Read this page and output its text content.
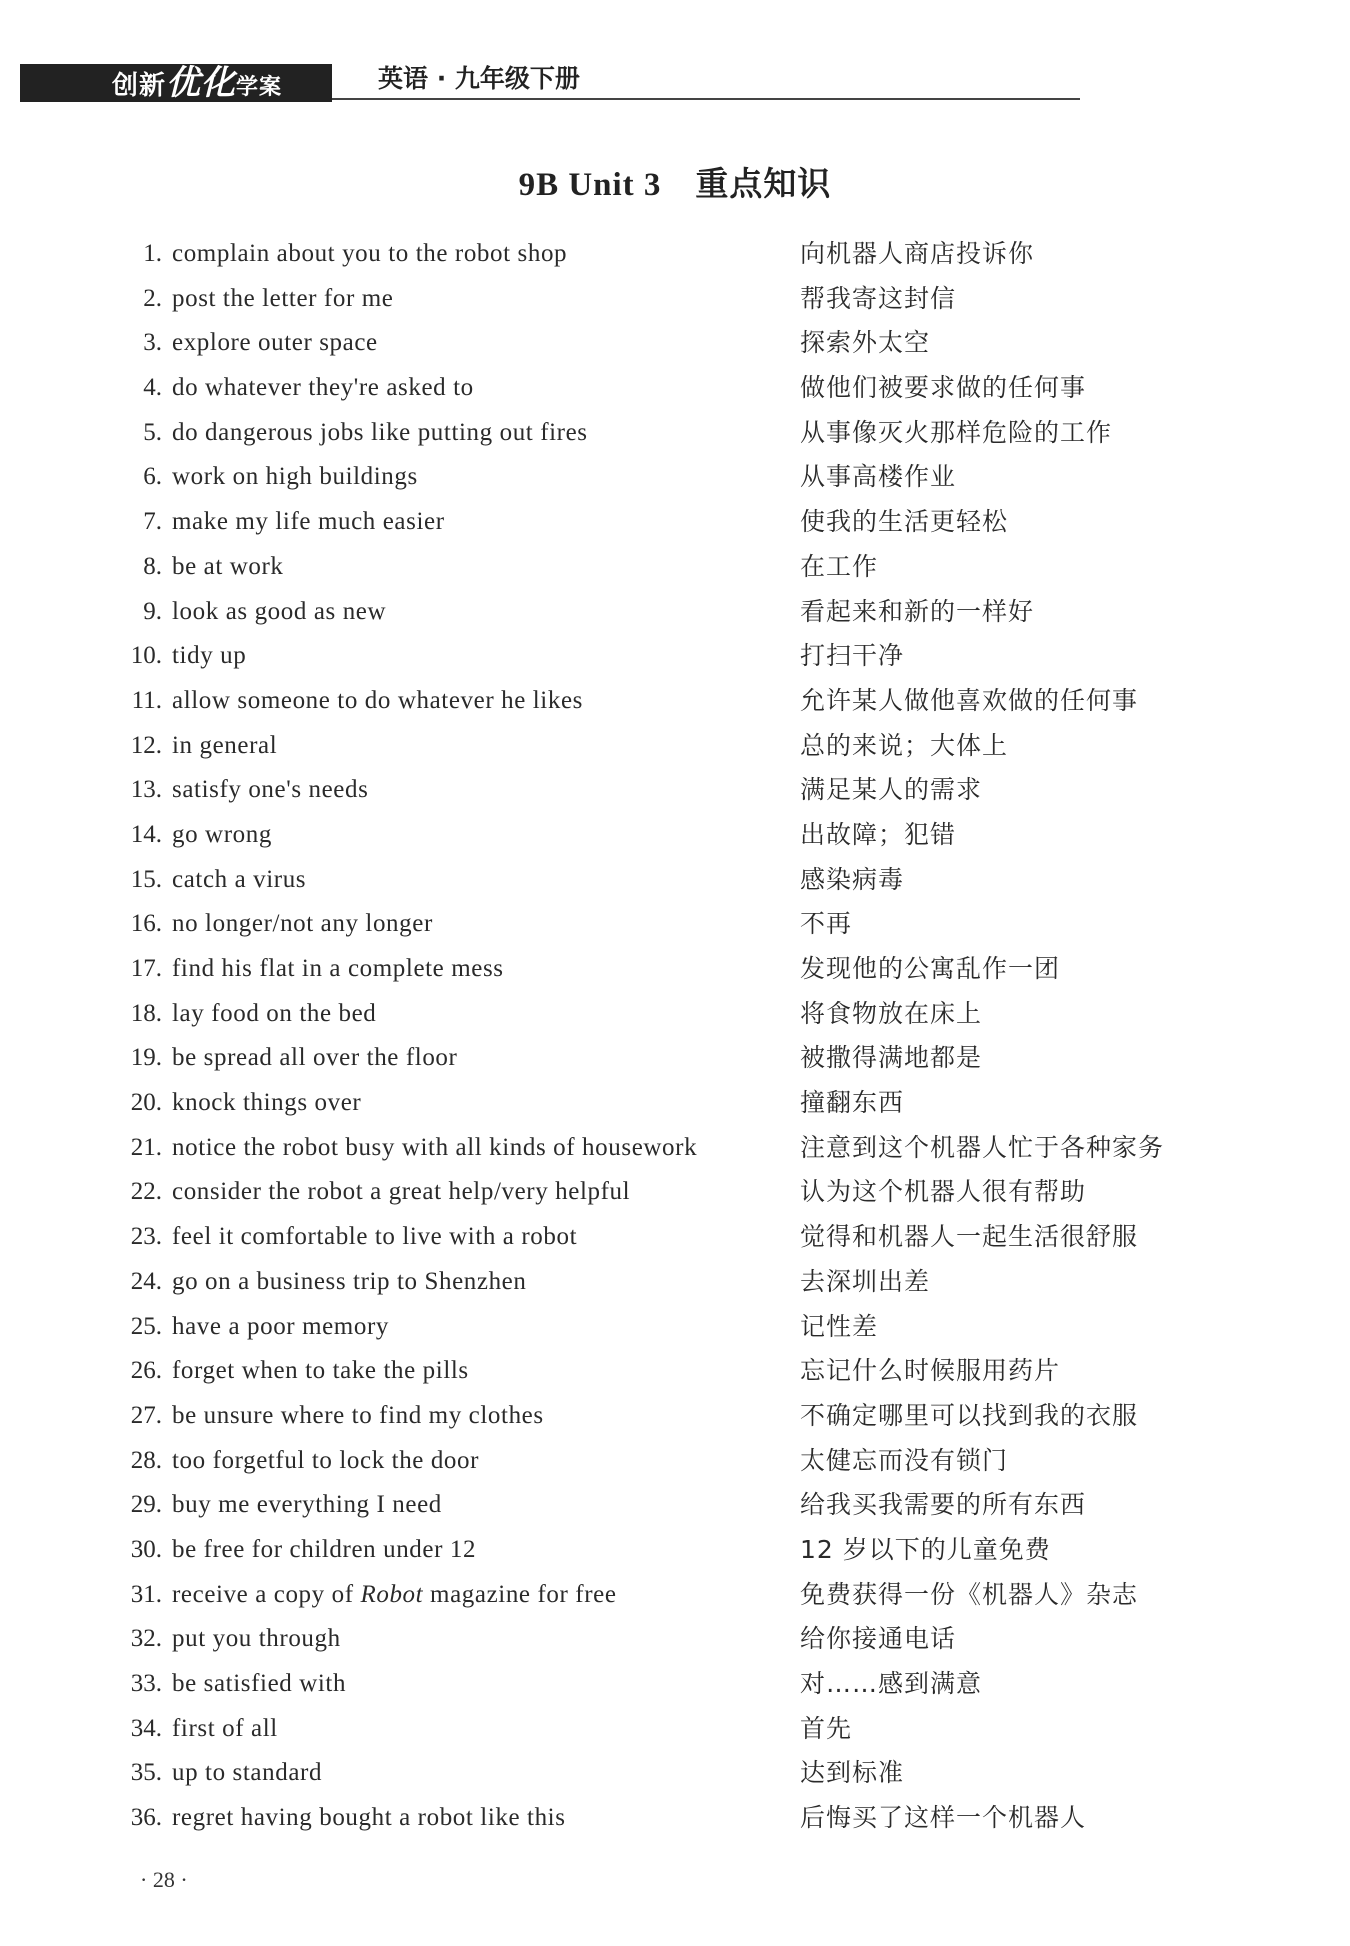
创新优化学案	英语 · 九年级下册
9B Unit 3　重点知识
1. complain about you to the robot shop	向机器人商店投诉你
2. post the letter for me	帮我寄这封信
3. explore outer space	探索外太空
4. do whatever they're asked to	做他们被要求做的任何事
5. do dangerous jobs like putting out fires	从事像灭火那样危险的工作
6. work on high buildings	从事高楼作业
7. make my life much easier	使我的生活更轻松
8. be at work	在工作
9. look as good as new	看起来和新的一样好
10. tidy up	打扫干净
11. allow someone to do whatever he likes	允许某人做他喜欢做的任何事
12. in general	总的来说；大体上
13. satisfy one's needs	满足某人的需求
14. go wrong	出故障；犯错
15. catch a virus	感染病毒
16. no longer/not any longer	不再
17. find his flat in a complete mess	发现他的公寓乱作一团
18. lay food on the bed	将食物放在床上
19. be spread all over the floor	被撒得满地都是
20. knock things over	撞翻东西
21. notice the robot busy with all kinds of housework	注意到这个机器人忙于各种家务
22. consider the robot a great help/very helpful	认为这个机器人很有帮助
23. feel it comfortable to live with a robot	觉得和机器人一起生活很舒服
24. go on a business trip to Shenzhen	去深圳出差
25. have a poor memory	记性差
26. forget when to take the pills	忘记什么时候服用药片
27. be unsure where to find my clothes	不确定哪里可以找到我的衣服
28. too forgetful to lock the door	太健忘而没有锁门
29. buy me everything I need	给我买我需要的所有东西
30. be free for children under 12	12 岁以下的儿童免费
31. receive a copy of Robot magazine for free	免费获得一份《机器人》杂志
32. put you through	给你接通电话
33. be satisfied with	对……感到满意
34. first of all	首先
35. up to standard	达到标准
36. regret having bought a robot like this	后悔买了这样一个机器人
· 28 ·
